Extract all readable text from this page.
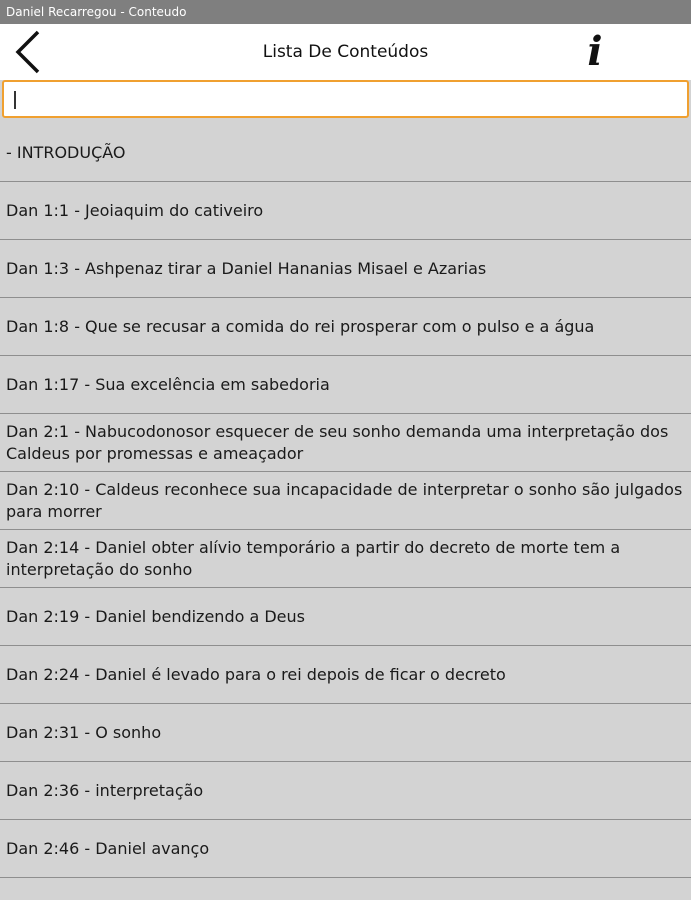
Daniel Recarregou - Conteudo
Lista De Conteúdos	i
- INTRODUÇÃO
Dan 1:1 - Jeoiaquim do cativeiro
Dan 1:3 - Ashpenaz tirar a Daniel Hananias Misael e Azarias
Dan 1:8 - Que se recusar a comida do rei prosperar com o pulso e a água
Dan 1:17 - Sua excelência em sabedoria
Dan 2:1 - Nabucodonosor esquecer de seu sonho demanda uma interpretação dos Caldeus por promessas e ameaçador
Dan 2:10 - Caldeus reconhece sua incapacidade de interpretar o sonho são julgados para morrer
Dan 2:14 - Daniel obter alívio temporário a partir do decreto de morte tem a interpretação do sonho
Dan 2:19 - Daniel bendizendo a Deus
Dan 2:24 - Daniel é levado para o rei depois de ficar o decreto
Dan 2:31 - O sonho
Dan 2:36 - interpretação
Dan 2:46 - Daniel avanço
